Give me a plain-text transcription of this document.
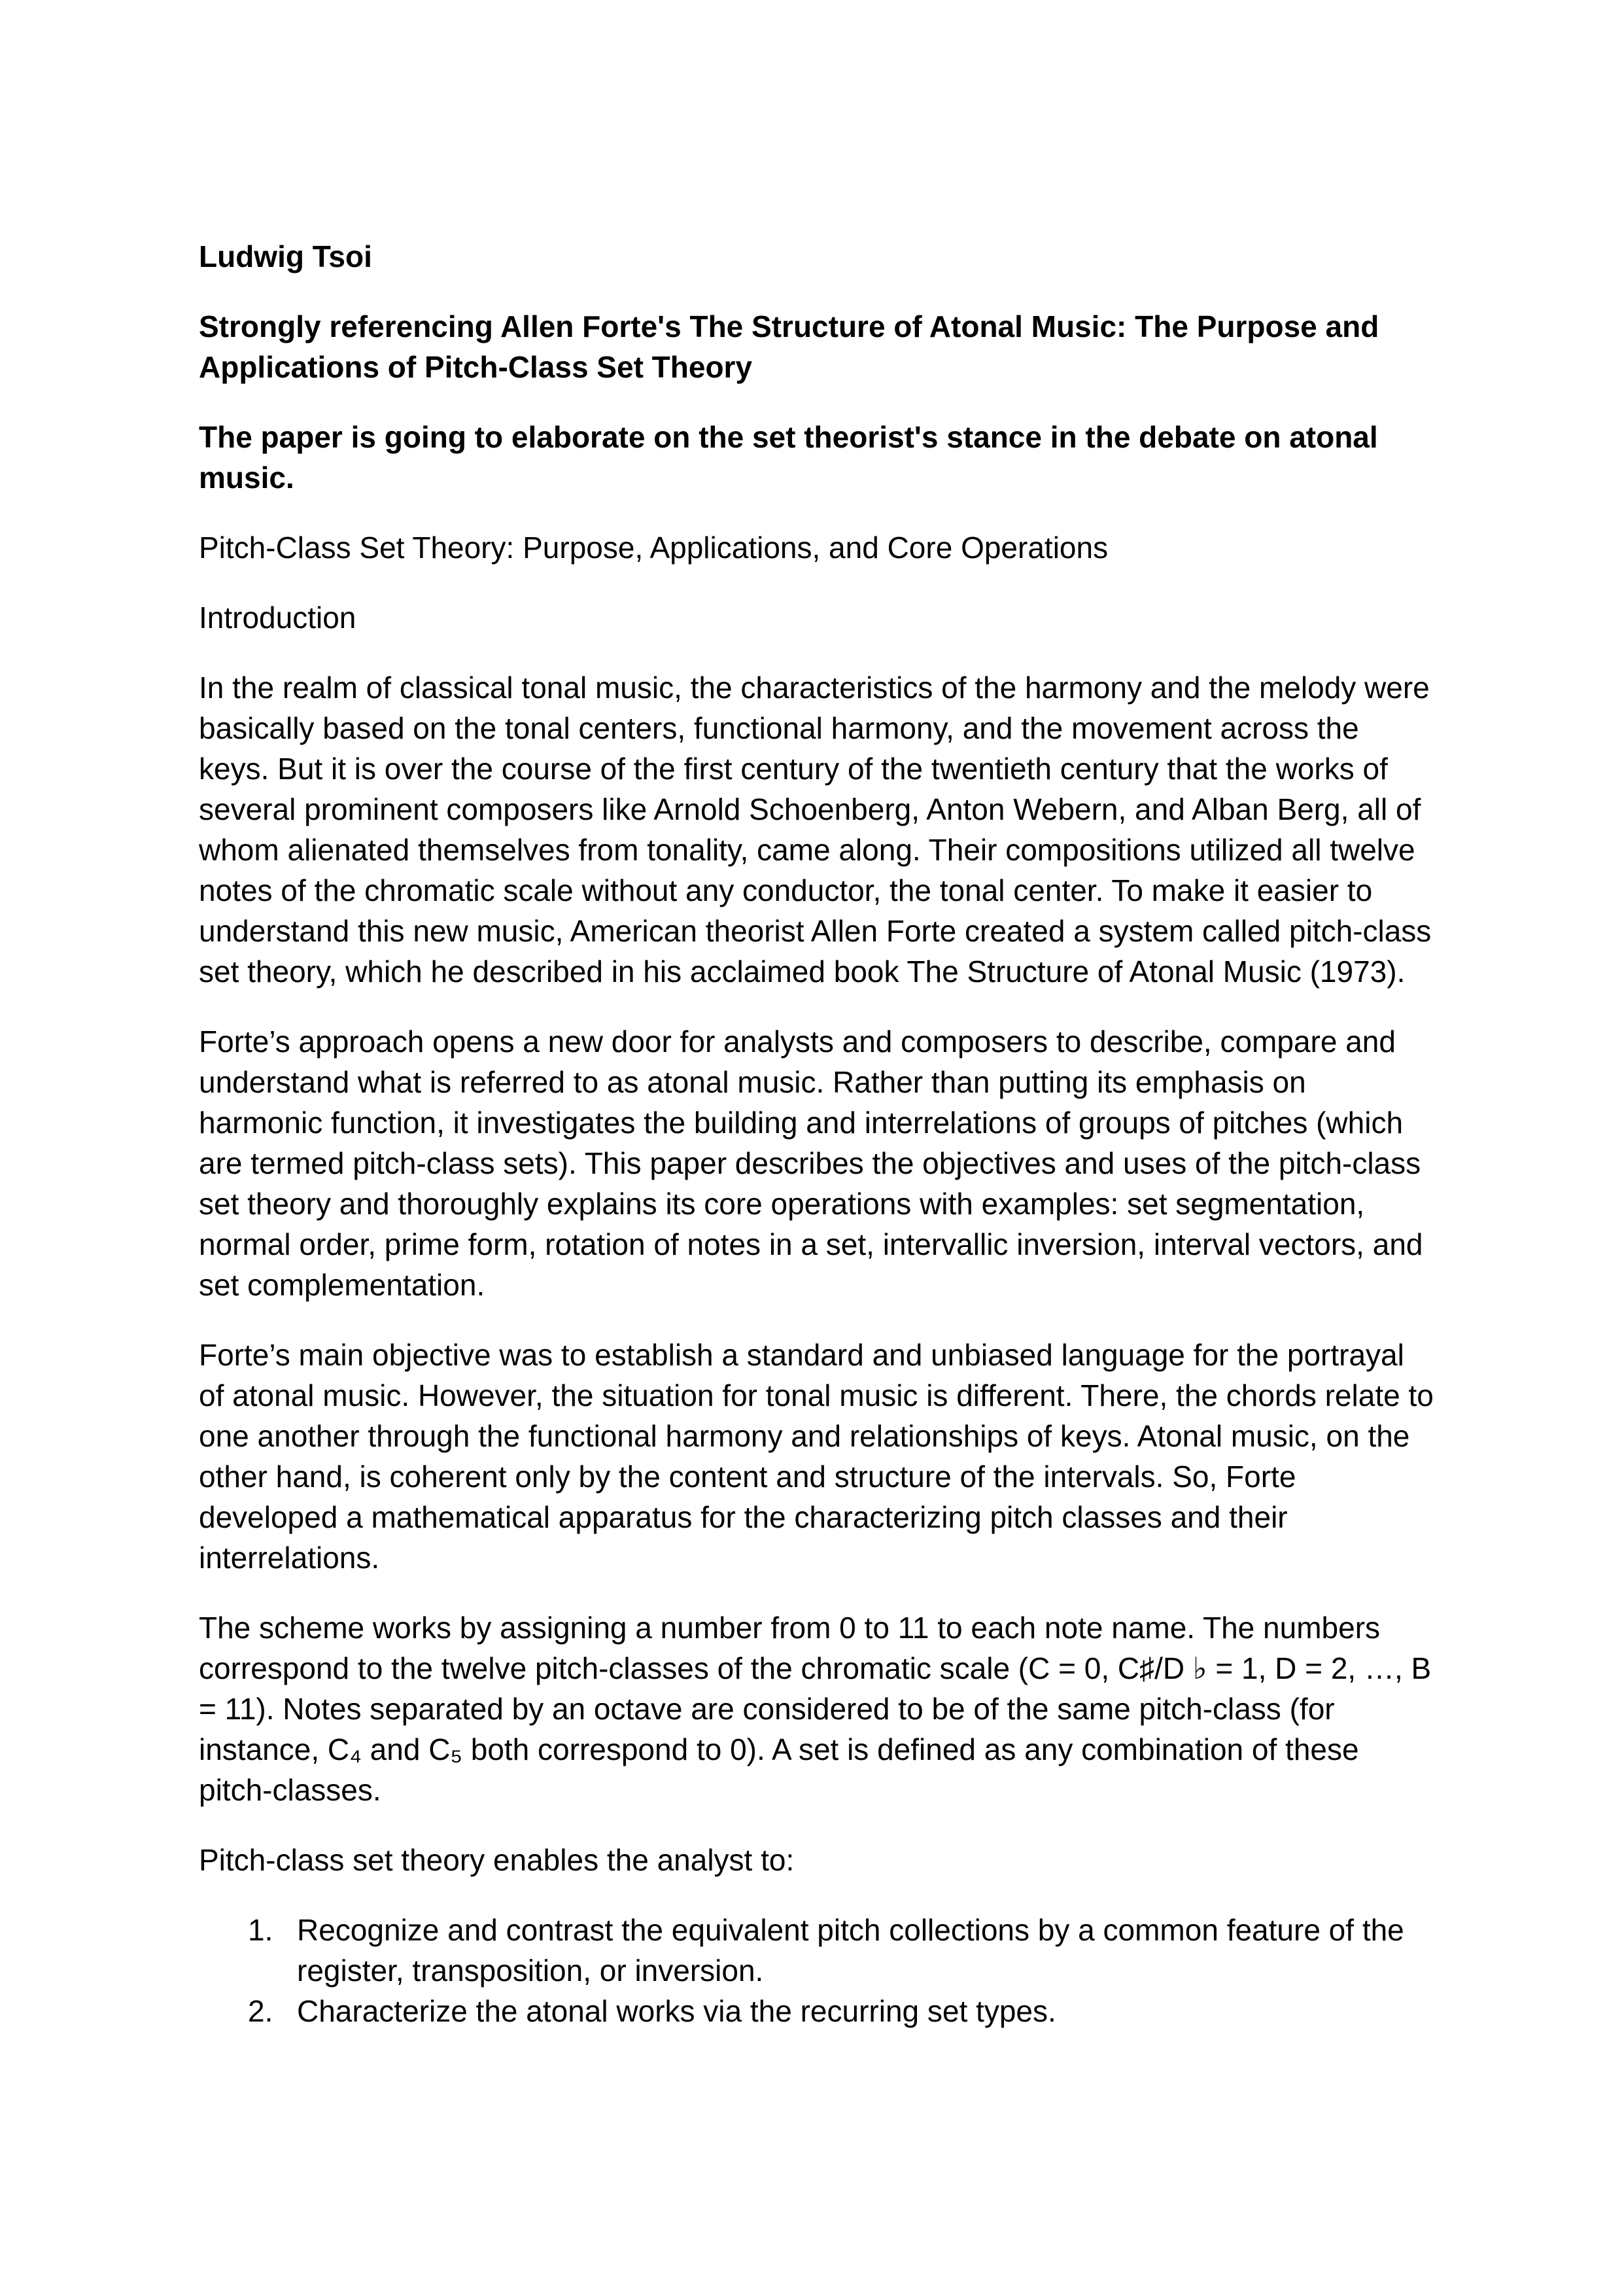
Ludwig Tsoi

Strongly referencing Allen Forte's The Structure of Atonal Music: The Purpose and Applications of Pitch-Class Set Theory

The paper is going to elaborate on the set theorist's stance in the debate on atonal music.

Pitch-Class Set Theory: Purpose, Applications, and Core Operations

Introduction

In the realm of classical tonal music, the characteristics of the harmony and the melody were basically based on the tonal centers, functional harmony, and the movement across the keys. But it is over the course of the first century of the twentieth century that the works of several prominent composers like Arnold Schoenberg, Anton Webern, and Alban Berg, all of whom alienated themselves from tonality, came along. Their compositions utilized all twelve notes of the chromatic scale without any conductor, the tonal center. To make it easier to understand this new music, American theorist Allen Forte created a system called pitch-class set theory, which he described in his acclaimed book The Structure of Atonal Music (1973).

Forte’s approach opens a new door for analysts and composers to describe, compare and understand what is referred to as atonal music. Rather than putting its emphasis on harmonic function, it investigates the building and interrelations of groups of pitches (which are termed pitch-class sets). This paper describes the objectives and uses of the pitch-class set theory and thoroughly explains its core operations with examples: set segmentation, normal order, prime form, rotation of notes in a set, intervallic inversion, interval vectors, and set complementation.

Forte’s main objective was to establish a standard and unbiased language for the portrayal of atonal music. However, the situation for tonal music is different. There, the chords relate to one another through the functional harmony and relationships of keys. Atonal music, on the other hand, is coherent only by the content and structure of the intervals. So, Forte developed a mathematical apparatus for the characterizing pitch classes and their interrelations.

The scheme works by assigning a number from 0 to 11 to each note name. The numbers correspond to the twelve pitch-classes of the chromatic scale (C = 0, C♯/D ♭ = 1, D = 2, …, B = 11). Notes separated by an octave are considered to be of the same pitch-class (for instance, C₄ and C₅ both correspond to 0). A set is defined as any combination of these pitch-classes.

Pitch-class set theory enables the analyst to:

1. Recognize and contrast the equivalent pitch collections by a common feature of the register, transposition, or inversion.
2. Characterize the atonal works via the recurring set types.
